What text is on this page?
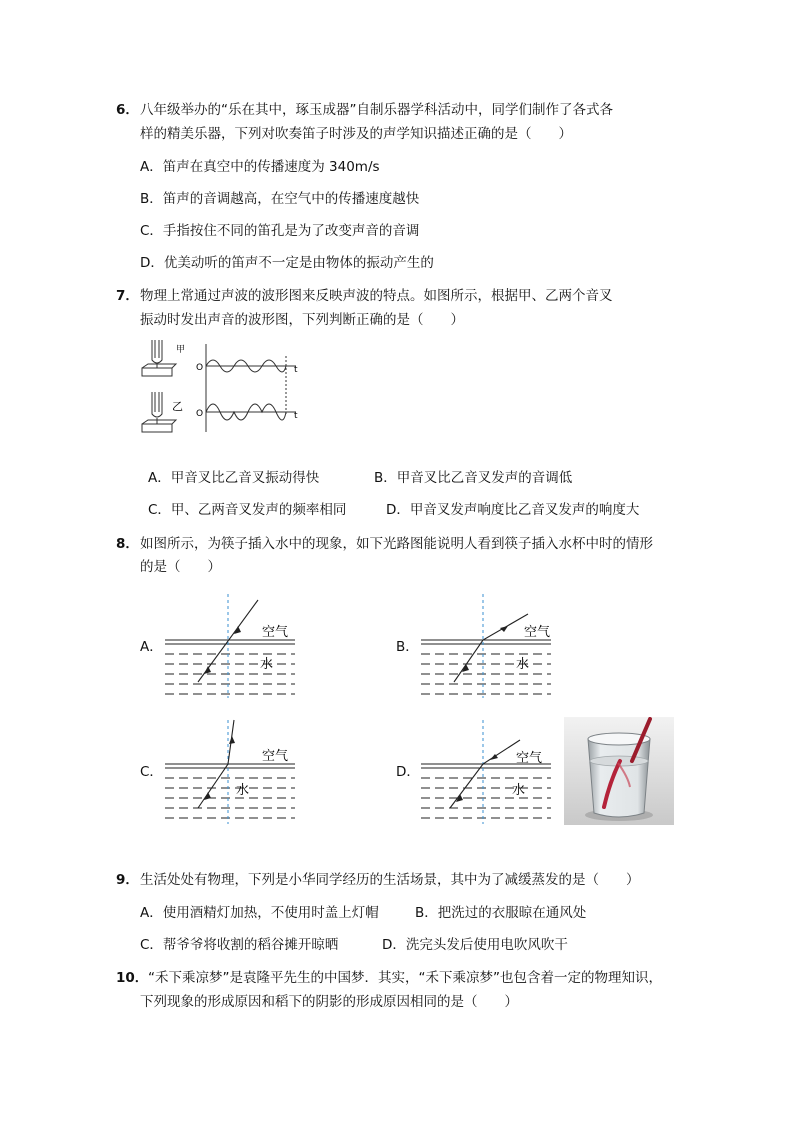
6． 八年级举办的“乐在其中，琢玉成器”自制乐器学科活动中，同学们制作了各式各
样的精美乐器，下列对吹奏笛子时涉及的声学知识描述正确的是（　　）
A．笛声在真空中的传播速度为 340m/s
B．笛声的音调越高，在空气中的传播速度越快
C．手指按住不同的笛孔是为了改变声音的音调
D．优美动听的笛声不一定是由物体的振动产生的
7． 物理上常通过声波的波形图来反映声波的特点。如图所示，根据甲、乙两个音叉
振动时发出声音的波形图，下列判断正确的是（　　）
甲
乙
O
O
t
t
A．甲音叉比乙音叉振动得快	B．甲音叉比乙音叉发声的音调低
C．甲、乙两音叉发声的频率相同	D．甲音叉发声响度比乙音叉发声的响度大
8． 如图所示，为筷子插入水中的现象，如下光路图能说明人看到筷子插入水杯中时的情形
的是（　　）
A．
空气
水
B．
空气
水
C．
空气
水
D．
空气
水
9． 生活处处有物理，下列是小华同学经历的生活场景，其中为了减缓蒸发的是（　　）
A．使用酒精灯加热，不使用时盖上灯帽	B．把洗过的衣服晾在通风处
C．帮爷爷将收割的稻谷摊开晾晒	D．洗完头发后使用电吹风吹干
10． “禾下乘凉梦”是袁隆平先生的中国梦．其实，“禾下乘凉梦”也包含着一定的物理知识，
下列现象的形成原因和稻下的阴影的形成原因相同的是（　　）
